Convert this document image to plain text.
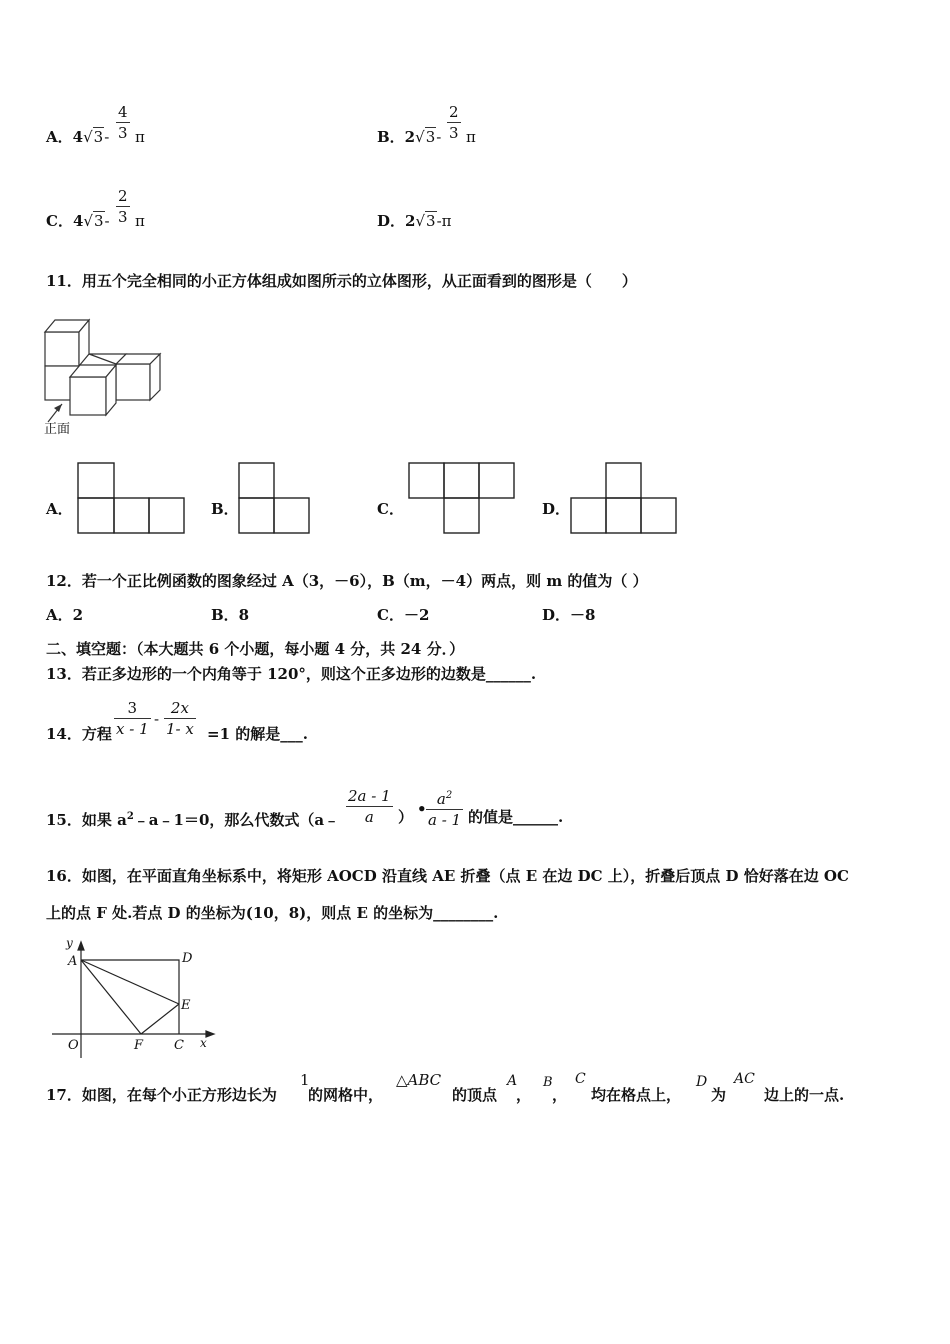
A．$4√3- \frac{4}{3}$ π	B．$2√3- \frac{2}{3}$ π
C．$4√3- \frac{2}{3}$ π	D．2√3-π
11．用五个完全相同的小正方体组成如图所示的立体图形，从正面看到的图形是（　　）
正面
A．	B．	C．	D．
12．若一个正比例函数的图象经过 A（3，－6），B（m，－4）两点，则 m 的值为（ ）
A．2	B．8	C．－2	D．－8
二、填空题：（本大题共 6 个小题，每小题 4 分，共 24 分．）
13．若正多边形的一个内角等于 120°，则这个正多边形的边数是______.
14．方程 $\frac{3}{x - 1} - \frac{2x}{1- x} =1$ 的解是___.
15．如果 $a^2﹣a﹣1=0$，那么代数式（a﹣ $\frac{2a - 1}{a}$ ） • $\frac{a^2}{a - 1}$ 的值是______.
16．如图，在平面直角坐标系中，将矩形 AOCD 沿直线 AE 折叠（点 E 在边 DC 上），折叠后顶点 D 恰好落在边 OC
上的点 F 处.若点 D 的坐标为(10，8)，则点 E 的坐标为________.
y
A	D
E
O	F C x
17．如图，在每个小正方形边长为
1
的网格中，
△ABC
的顶点
A
，
B
，
C
均在格点上，
D
为
AC
边上的一点.
